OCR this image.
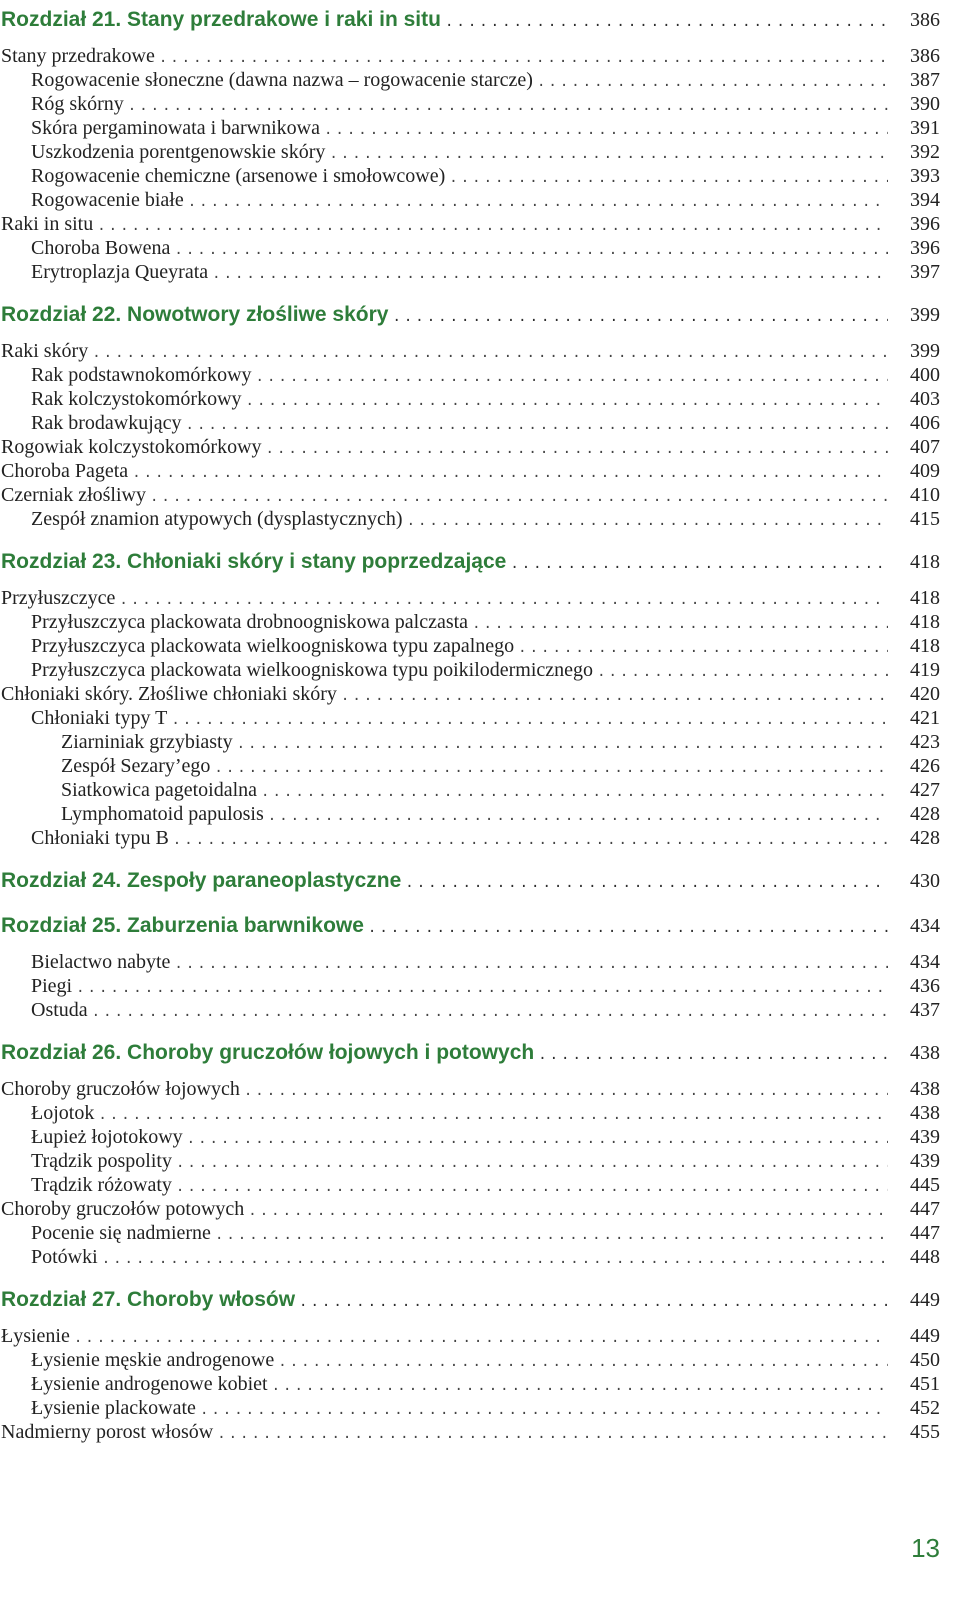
Rozdział 21. Stany przedrakowe i raki in situ .....	386
Stany przedrakowe .....	386
Rogowacenie słoneczne (dawna nazwa – rogowacenie starcze) .....	387
Róg skórny .....	390
Skóra pergaminowata i barwnikowa .....	391
Uszkodzenia porentgenowskie skóry .....	392
Rogowacenie chemiczne (arsenowe i smołowcowe) .....	393
Rogowacenie białe .....	394
Raki in situ .....	396
Choroba Bowena .....	396
Erytroplazja Queyrata .....	397
Rozdział 22. Nowotwory złośliwe skóry .....	399
Raki skóry .....	399
Rak podstawnokomórkowy .....	400
Rak kolczystokomórkowy .....	403
Rak brodawkujący .....	406
Rogowiak kolczystokomórkowy .....	407
Choroba Pageta .....	409
Czerniak złośliwy .....	410
Zespół znamion atypowych (dysplastycznych) .....	415
Rozdział 23. Chłoniaki skóry i stany poprzedzające .....	418
Przyłuszczyce .....	418
Przyłuszczyca plackowata drobnoogniskowa palczasta .....	418
Przyłuszczyca plackowata wielkoogniskowa typu zapalnego .....	418
Przyłuszczyca plackowata wielkoogniskowa typu poikilodermicznego .....	419
Chłoniaki skóry. Złośliwe chłoniaki skóry .....	420
Chłoniaki typy T .....	421
Ziarniniak grzybiasty .....	423
Zespół Sezary’ego .....	426
Siatkowica pagetoidalna .....	427
Lymphomatoid papulosis .....	428
Chłoniaki typu B .....	428
Rozdział 24. Zespoły paraneoplastyczne .....	430
Rozdział 25. Zaburzenia barwnikowe .....	434
Bielactwo nabyte .....	434
Piegi .....	436
Ostuda .....	437
Rozdział 26. Choroby gruczołów łojowych i potowych .....	438
Choroby gruczołów łojowych .....	438
Łojotok .....	438
Łupież łojotokowy .....	439
Trądzik pospolity .....	439
Trądzik różowaty .....	445
Choroby gruczołów potowych .....	447
Pocenie się nadmierne .....	447
Potówki .....	448
Rozdział 27. Choroby włosów .....	449
Łysienie .....	449
Łysienie męskie androgenowe .....	450
Łysienie androgenowe kobiet .....	451
Łysienie plackowate .....	452
Nadmierny porost włosów .....	455
13
